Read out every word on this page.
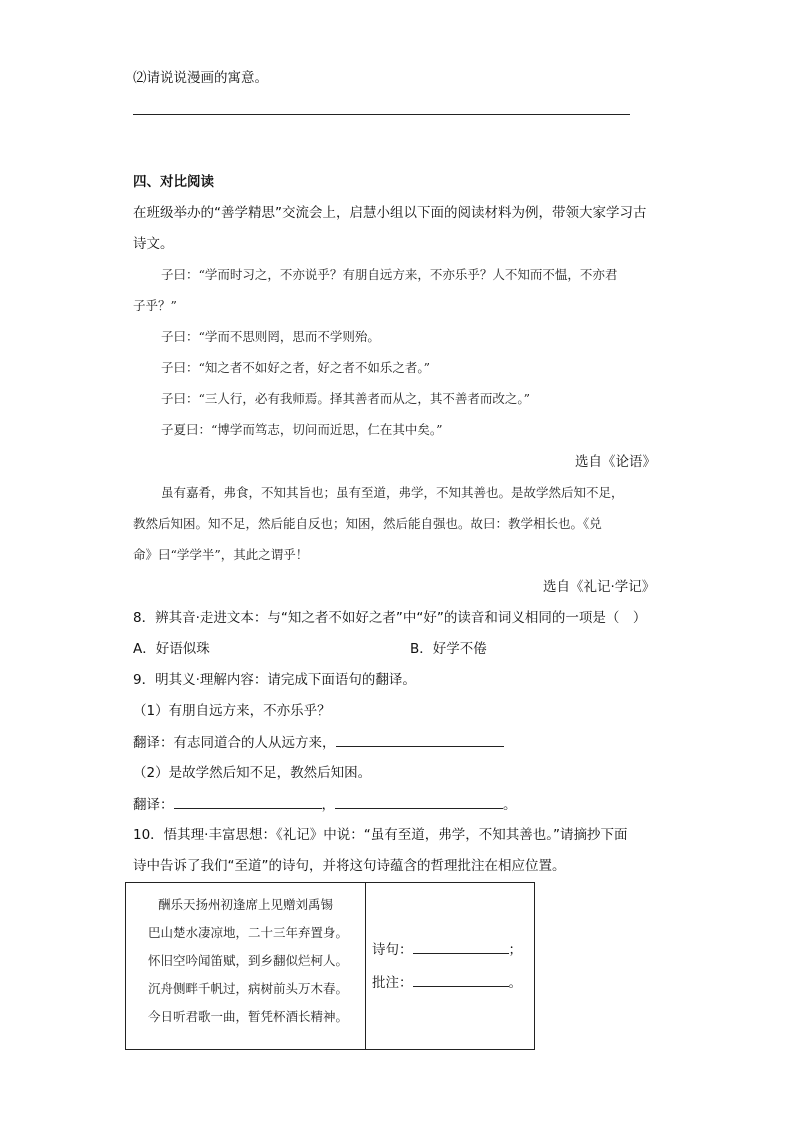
⑵请说说漫画的寓意。
四、对比阅读
在班级举办的“善学精思”交流会上，启慧小组以下面的阅读材料为例，带领大家学习古
诗文。
子曰：“学而时习之，不亦说乎？有朋自远方来，不亦乐乎？人不知而不愠，不亦君
子乎？”
子曰：“学而不思则罔，思而不学则殆。
子曰：“知之者不如好之者，好之者不如乐之者。”
子曰：“三人行，必有我师焉。择其善者而从之，其不善者而改之。”
子夏曰：“博学而笃志，切问而近思，仁在其中矣。”
选自《论语》
虽有嘉肴，弗食，不知其旨也；虽有至道，弗学，不知其善也。是故学然后知不足，
教然后知困。知不足，然后能自反也；知困，然后能自强也。故曰：教学相长也。《兑
命》曰“学学半”，其此之谓乎！
选自《礼记·学记》
8．辨其音·走进文本：与“知之者不如好之者”中“好”的读音和词义相同的一项是（　）
A．好语似珠	B．好学不倦
9．明其义·理解内容：请完成下面语句的翻译。
（1）有朋自远方来，不亦乐乎？
翻译：有志同道合的人从远方来，
（2）是故学然后知不足，教然后知困。
翻译：	，	。
10．悟其理·丰富思想：《礼记》中说：“虽有至道，弗学，不知其善也。”请摘抄下面
诗中告诉了我们“至道”的诗句，并将这句诗蕴含的哲理批注在相应位置。
酬乐天扬州初逢席上见赠刘禹锡
巴山楚水凄凉地，二十三年弃置身。
怀旧空吟闻笛赋，到乡翻似烂柯人。
沉舟侧畔千帆过，病树前头万木春。
今日听君歌一曲，暂凭杯酒长精神。

诗句：	；
批注：	。
